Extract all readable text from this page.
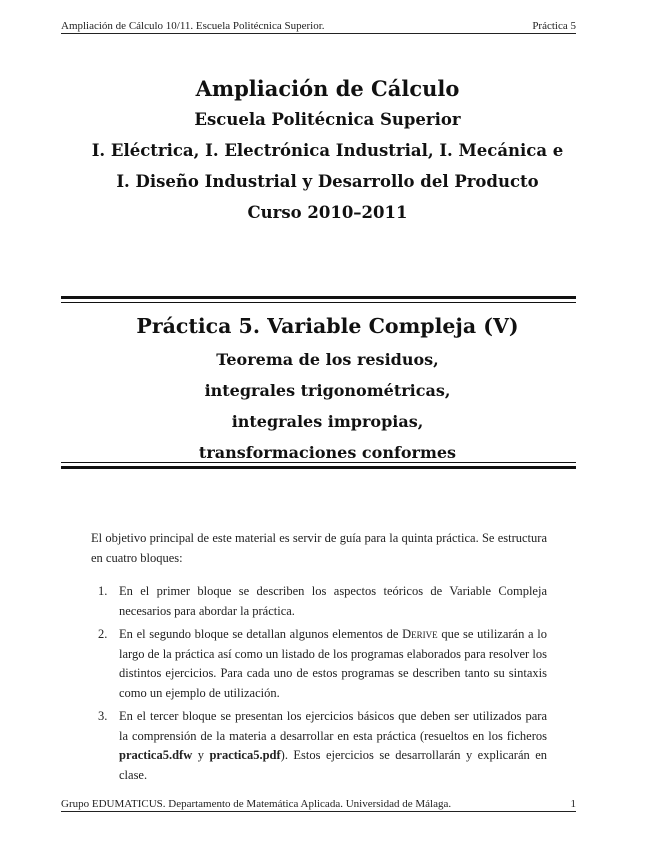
Ampliación de Cálculo 10/11. Escuela Politécnica Superior.	Práctica 5
Ampliación de Cálculo
Escuela Politécnica Superior
I. Eléctrica, I. Electrónica Industrial, I. Mecánica e
I. Diseño Industrial y Desarrollo del Producto
Curso 2010–2011
Práctica 5. Variable Compleja (V)
Teorema de los residuos,
integrales trigonométricas,
integrales impropias,
transformaciones conformes

El objetivo principal de este material es servir de guía para la quinta práctica. Se estructura en cuatro bloques:

1. En el primer bloque se describen los aspectos teóricos de Variable Compleja necesarios para abordar la práctica.
2. En el segundo bloque se detallan algunos elementos de Derive que se utilizarán a lo largo de la práctica así como un listado de los programas elaborados para resolver los distintos ejercicios. Para cada uno de estos programas se describen tanto su sintaxis como un ejemplo de utilización.
3. En el tercer bloque se presentan los ejercicios básicos que deben ser utilizados para la comprensión de la materia a desarrollar en esta práctica (resueltos en los ficheros practica5.dfw y practica5.pdf). Estos ejercicios se desarrollarán y explicarán en clase.
Grupo EDUMATICUS. Departamento de Matemática Aplicada. Universidad de Málaga.	1
